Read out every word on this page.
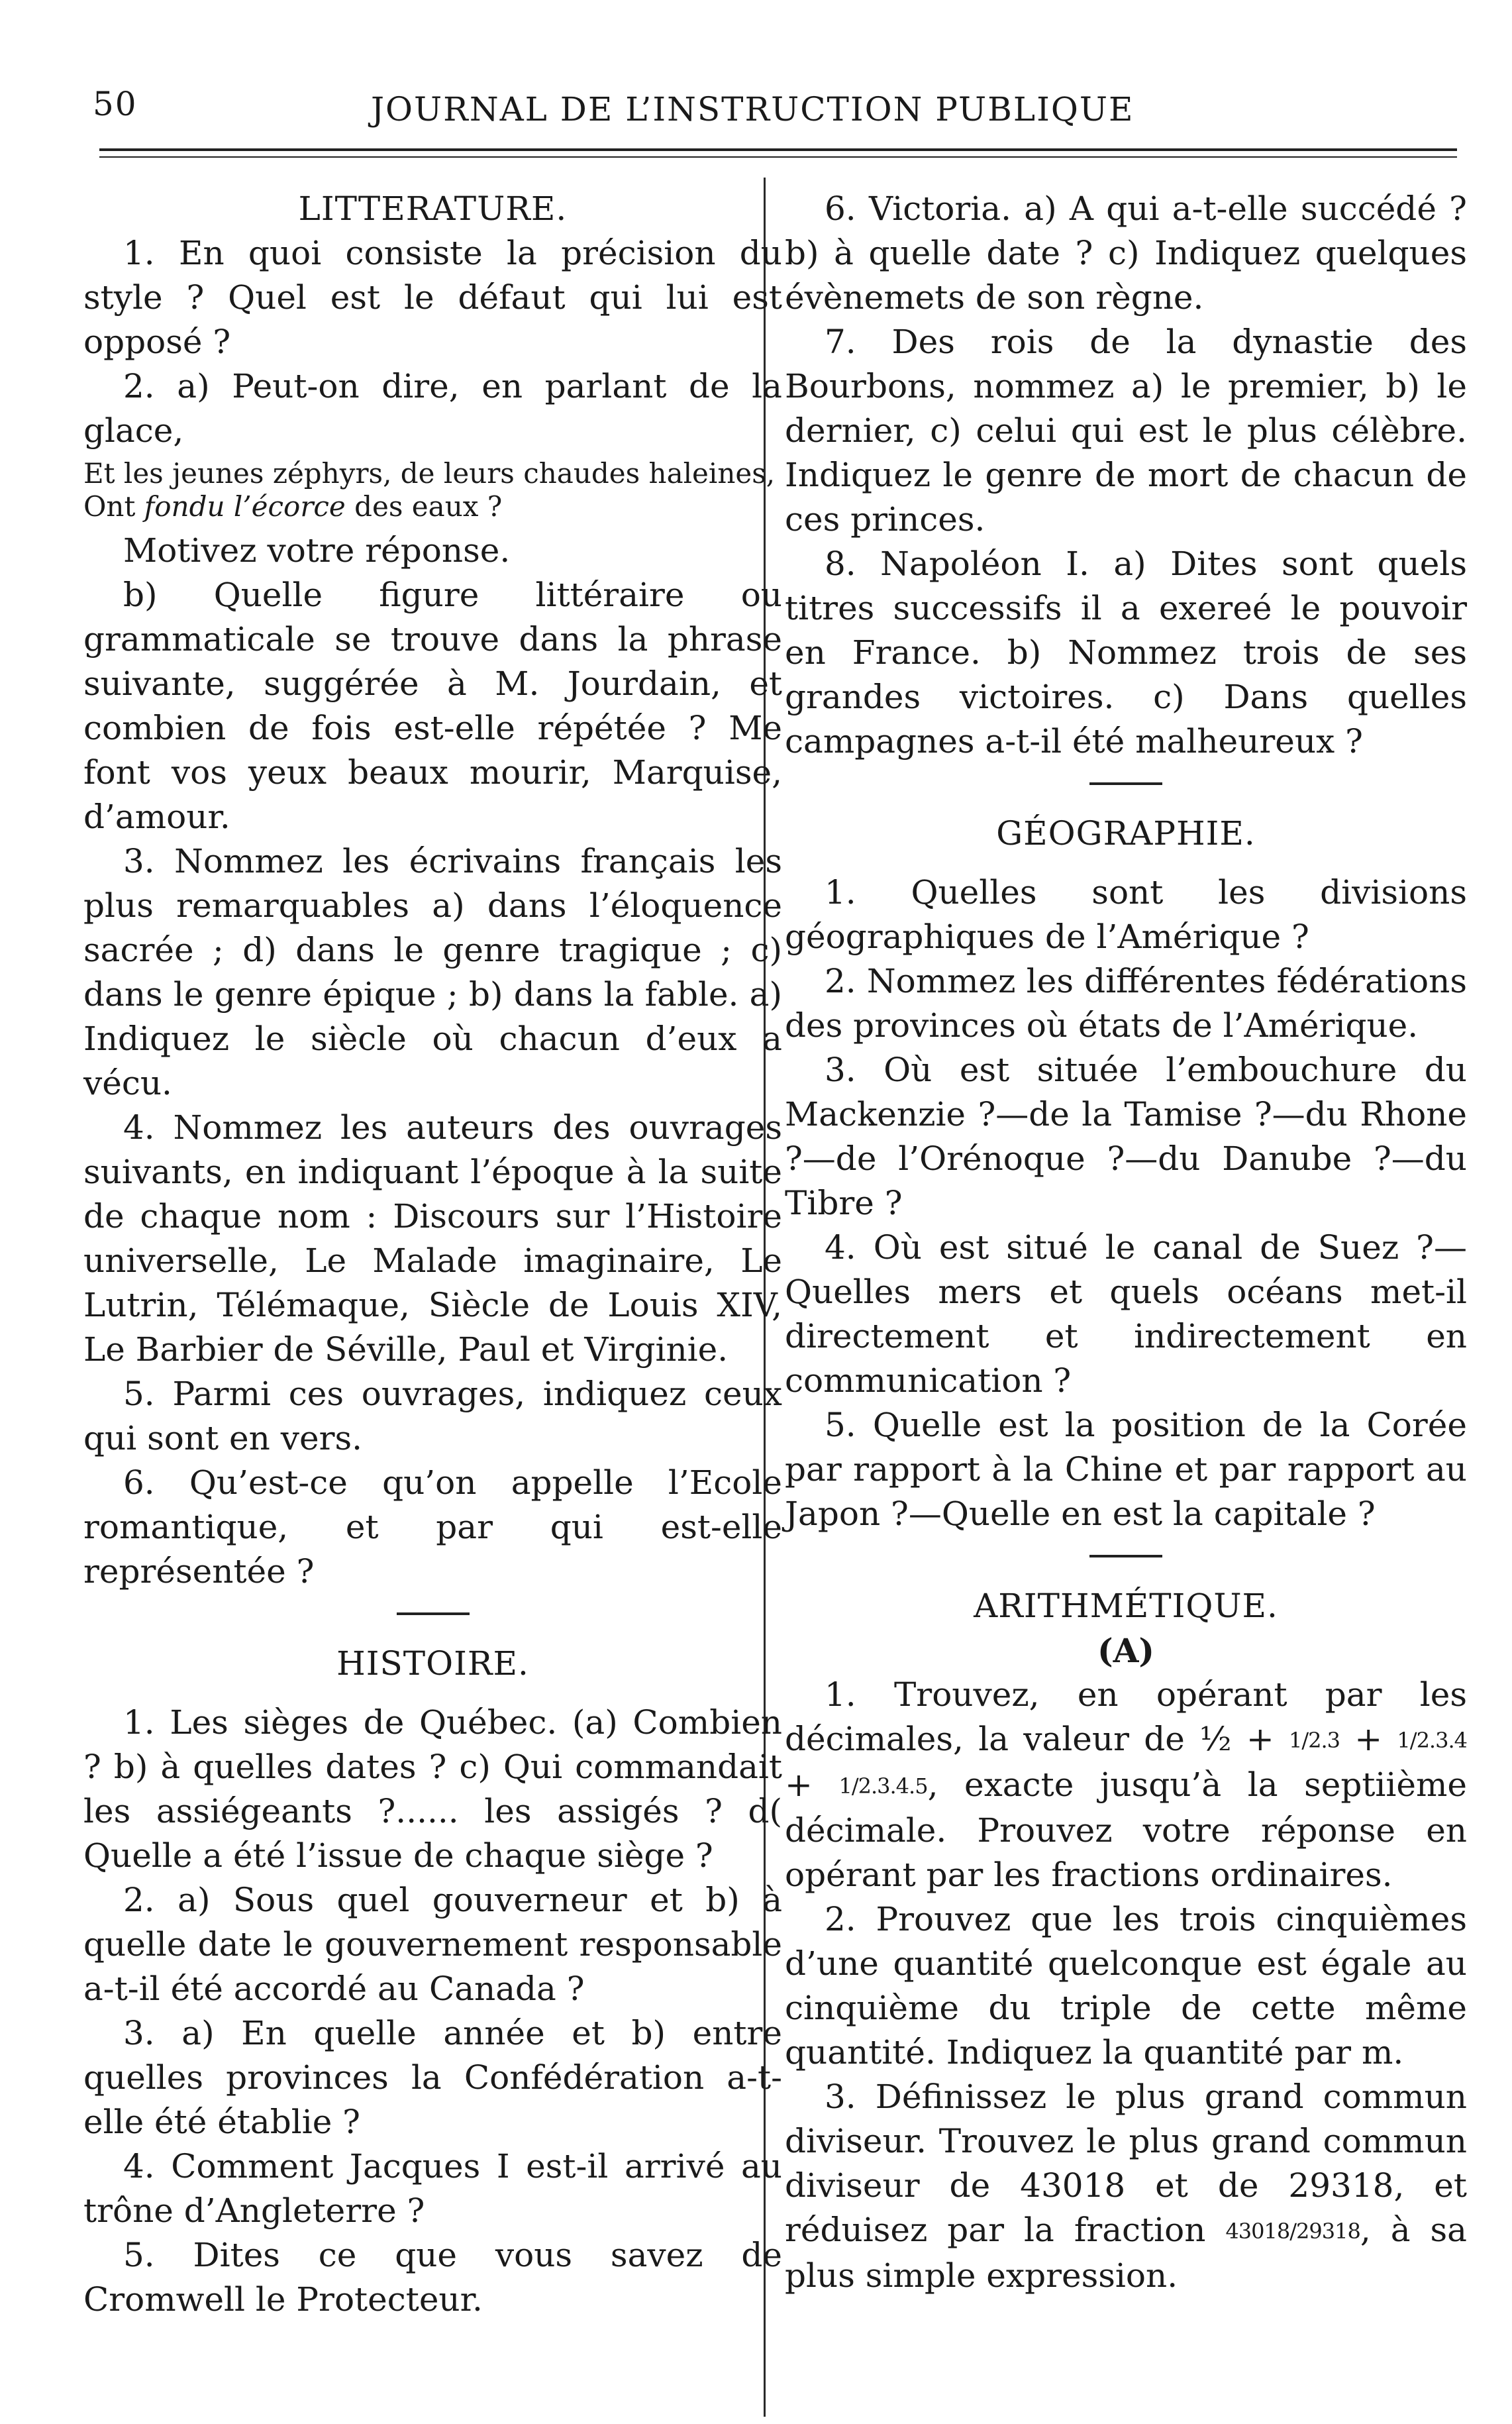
50	JOURNAL DE L’INSTRUCTION PUBLIQUE

LITTERATURE.

1. En quoi consiste la précision du style ? Quel est le défaut qui lui est opposé ?

2. a) Peut-on dire, en parlant de la glace,

Et les jeunes zéphyrs, de leurs chaudes haleines,
Ont fondu l’écorce des eaux ?

Motivez votre réponse.

b) Quelle figure littéraire ou grammaticale se trouve dans la phrase suivante, suggérée à M. Jourdain, et combien de fois est-elle répétée ? Me font vos yeux beaux mourir, Marquise, d’amour.

3. Nommez les écrivains français les plus remarquables a) dans l’éloquence sacrée ; d) dans le genre tragique ; c) dans le genre épique ; b) dans la fable. a) Indiquez le siècle où chacun d’eux a vécu.

4. Nommez les auteurs des ouvrages suivants, en indiquant l’époque à la suite de chaque nom : Discours sur l’Histoire universelle, Le Malade imaginaire, Le Lutrin, Télémaque, Siècle de Louis XIV, Le Barbier de Séville, Paul et Virginie.

5. Parmi ces ouvrages, indiquez ceux qui sont en vers.

6. Qu’est-ce qu’on appelle l’Ecole romantique, et par qui est-elle représentée ?

HISTOIRE.

1. Les sièges de Québec. (a) Combien ? b) à quelles dates ? c) Qui commandait les assiégeants ?...... les assigés ? d( Quelle a été l’issue de chaque siège ?

2. a) Sous quel gouverneur et b) à quelle date le gouvernement responsable a-t-il été accordé au Canada ?

3. a) En quelle année et b) entre quelles provinces la Confédération a-t-elle été établie ?

4. Comment Jacques I est-il arrivé au trône d’Angleterre ?

5. Dites ce que vous savez de Cromwell le Protecteur.

6. Victoria. a) A qui a-t-elle succédé ? b) à quelle date ? c) Indiquez quelques évènemets de son règne.

7. Des rois de la dynastie des Bourbons, nommez a) le premier, b) le dernier, c) celui qui est le plus célèbre. Indiquez le genre de mort de chacun de ces princes.

8. Napoléon I. a) Dites sont quels titres successifs il a exereé le pouvoir en France. b) Nommez trois de ses grandes victoires. c) Dans quelles campagnes a-t-il été malheureux ?

GÉOGRAPHIE.

1. Quelles sont les divisions géographiques de l’Amérique ?

2. Nommez les différentes fédérations des provinces où états de l’Amérique.

3. Où est située l’embouchure du Mackenzie ?—de la Tamise ?—du Rhone ?—de l’Orénoque ?—du Danube ?—du Tibre ?

4. Où est situé le canal de Suez ?—Quelles mers et quels océans met-il directement et indirectement en communication ?

5. Quelle est la position de la Corée par rapport à la Chine et par rapport au Japon ?—Quelle en est la capitale ?

ARITHMÉTIQUE.

(A)

1. Trouvez, en opérant par les décimales, la valeur de ½ + 1/2.3 + 1/2.3.4 + 1/2.3.4.5, exacte jusqu’à la septiième décimale. Prouvez votre réponse en opérant par les fractions ordinaires.

2. Prouvez que les trois cinquièmes d’une quantité quelconque est égale au cinquième du triple de cette même quantité. Indiquez la quantité par m.

3. Définissez le plus grand commun diviseur. Trouvez le plus grand commun diviseur de 43018 et de 29318, et réduisez par la fraction 43018/29318, à sa plus simple expression.
